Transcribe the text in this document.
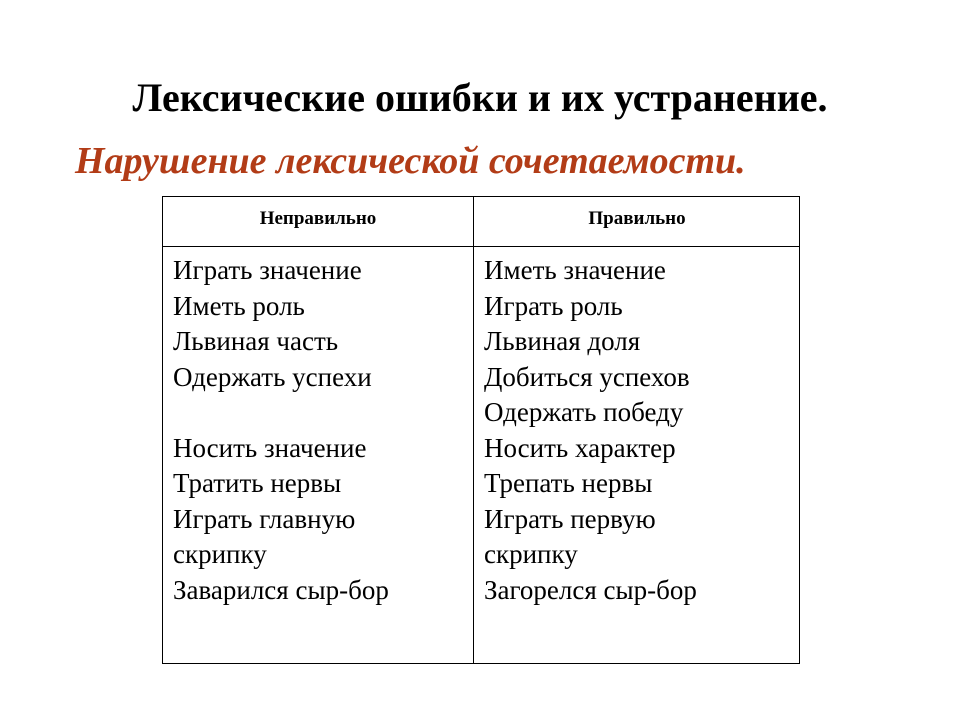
Лексические ошибки и их устранение.
Нарушение лексической сочетаемости.
Неправильно	Правильно
Играть значение
Иметь роль
Львиная часть
Одержать успехи
Носить значение
Тратить нервы
Играть главную
скрипку
Заварился сыр-бор
Иметь значение
Играть роль
Львиная доля
Добиться успехов
Одержать победу
Носить характер
Трепать нервы
Играть первую
скрипку
Загорелся сыр-бор
